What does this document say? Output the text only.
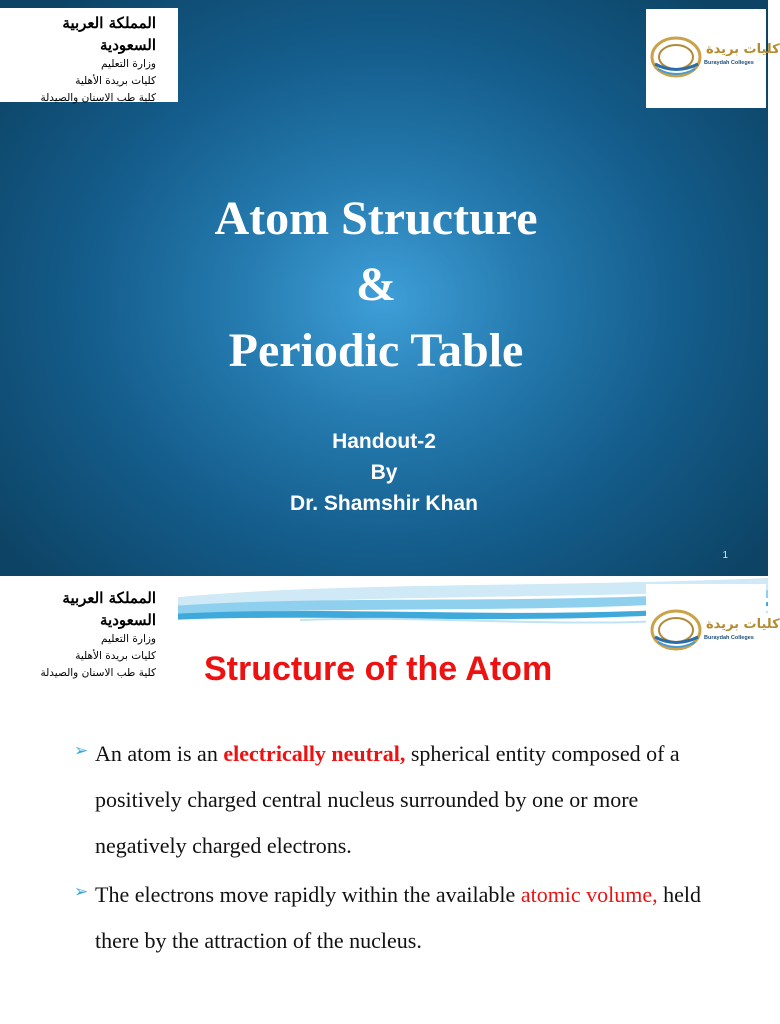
المملكة العربية السعودية
وزارة التعليم
كليات بريدة الأهلية
كلية طب الاسنان والصيدلة
كليات بريدة
Buraydah Colleges
Atom Structure
&
Periodic Table
Handout-2
By
Dr. Shamshir Khan
1
المملكة العربية السعودية
وزارة التعليم
كليات بريدة الأهلية
كلية طب الاسنان والصيدلة
كليات بريدة
Buraydah Colleges
Structure of the Atom
➢ An atom is an electrically neutral, spherical entity composed of a positively charged central nucleus surrounded by one or more negatively charged electrons.
➢ The electrons move rapidly within the available atomic volume, held there by the attraction of the nucleus.
